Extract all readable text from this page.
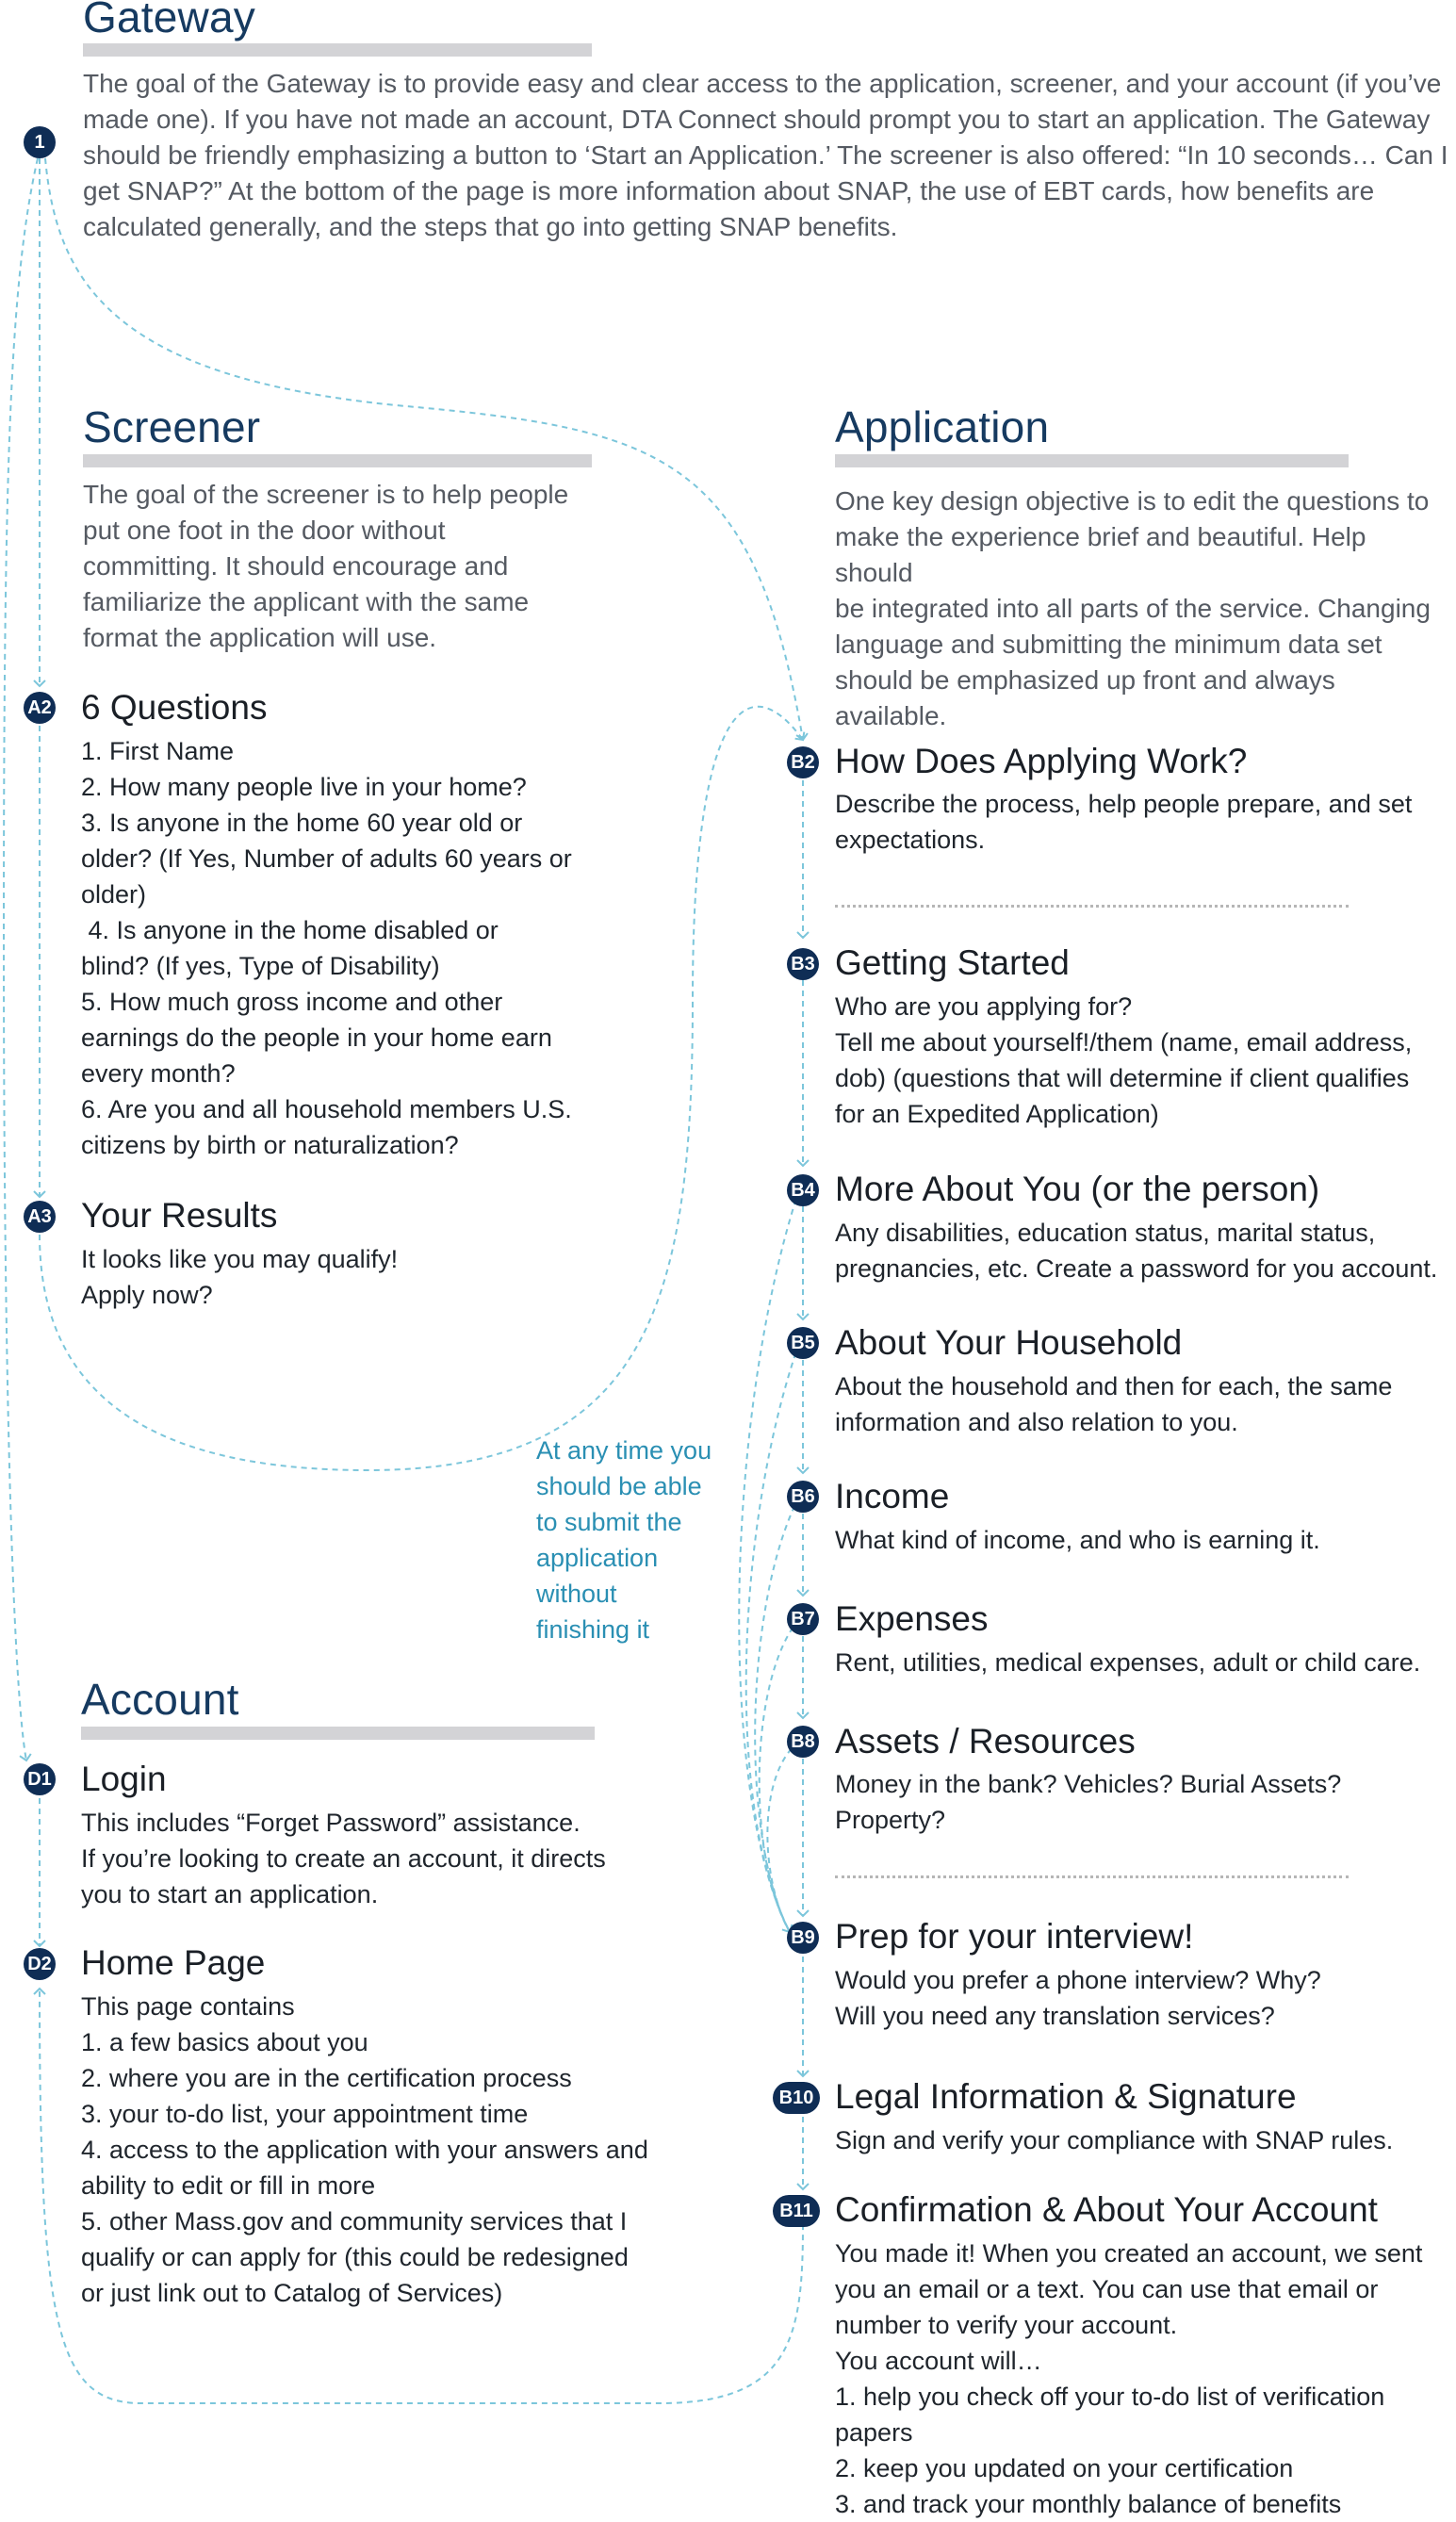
1
Gateway
The goal of the Gateway is to provide easy and clear access to the application, screener, and your account (if you’ve
made one). If you have not made an account, DTA Connect should prompt you to start an application. The Gateway
should be friendly emphasizing a button to ‘Start an Application.’ The screener is also offered: “In 10 seconds… Can I
get SNAP?” At the bottom of the page is more information about SNAP, the use of EBT cards, how benefits are
calculated generally, and the steps that go into getting SNAP benefits.
Screener
The goal of the screener is to help people
put one foot in the door without
committing. It should encourage and
familiarize the applicant with the same
format the application will use.
A2 6 Questions
1. First Name
2. How many people live in your home?
3. Is anyone in the home 60 year old or
older? (If Yes, Number of adults 60 years or
older)
4. Is anyone in the home disabled or
blind? (If yes, Type of Disability)
5. How much gross income and other
earnings do the people in your home earn
every month?
6. Are you and all household members U.S.
citizens by birth or naturalization?
A3 Your Results
It looks like you may qualify!
Apply now?
At any time you
should be able
to submit the
application
without
finishing it
Account
D1 Login
This includes “Forget Password” assistance.
If you’re looking to create an account, it directs
you to start an application.
D2 Home Page
This page contains
1. a few basics about you
2. where you are in the certification process
3. your to-do list, your appointment time
4. access to the application with your answers and
ability to edit or fill in more
5. other Mass.gov and community services that I
qualify or can apply for (this could be redesigned
or just link out to Catalog of Services)
Application
One key design objective is to edit the questions to
make the experience brief and beautiful. Help should
be integrated into all parts of the service. Changing
language and submitting the minimum data set
should be emphasized up front and always available.
B2 How Does Applying Work?
Describe the process, help people prepare, and set
expectations.
B3 Getting Started
Who are you applying for?
Tell me about yourself!/them (name, email address,
dob) (questions that will determine if client qualifies
for an Expedited Application)
B4 More About You (or the person)
Any disabilities, education status, marital status,
pregnancies, etc. Create a password for you account.
B5 About Your Household
About the household and then for each, the same
information and also relation to you.
B6 Income
What kind of income, and who is earning it.
B7 Expenses
Rent, utilities, medical expenses, adult or child care.
B8 Assets / Resources
Money in the bank? Vehicles? Burial Assets?
Property?
B9 Prep for your interview!
Would you prefer a phone interview? Why?
Will you need any translation services?
B10 Legal Information & Signature
Sign and verify your compliance with SNAP rules.
B11 Confirmation & About Your Account
You made it! When you created an account, we sent
you an email or a text. You can use that email or
number to verify your account.
You account will…
1. help you check off your to-do list of verification
papers
2. keep you updated on your certification
3. and track your monthly balance of benefits
